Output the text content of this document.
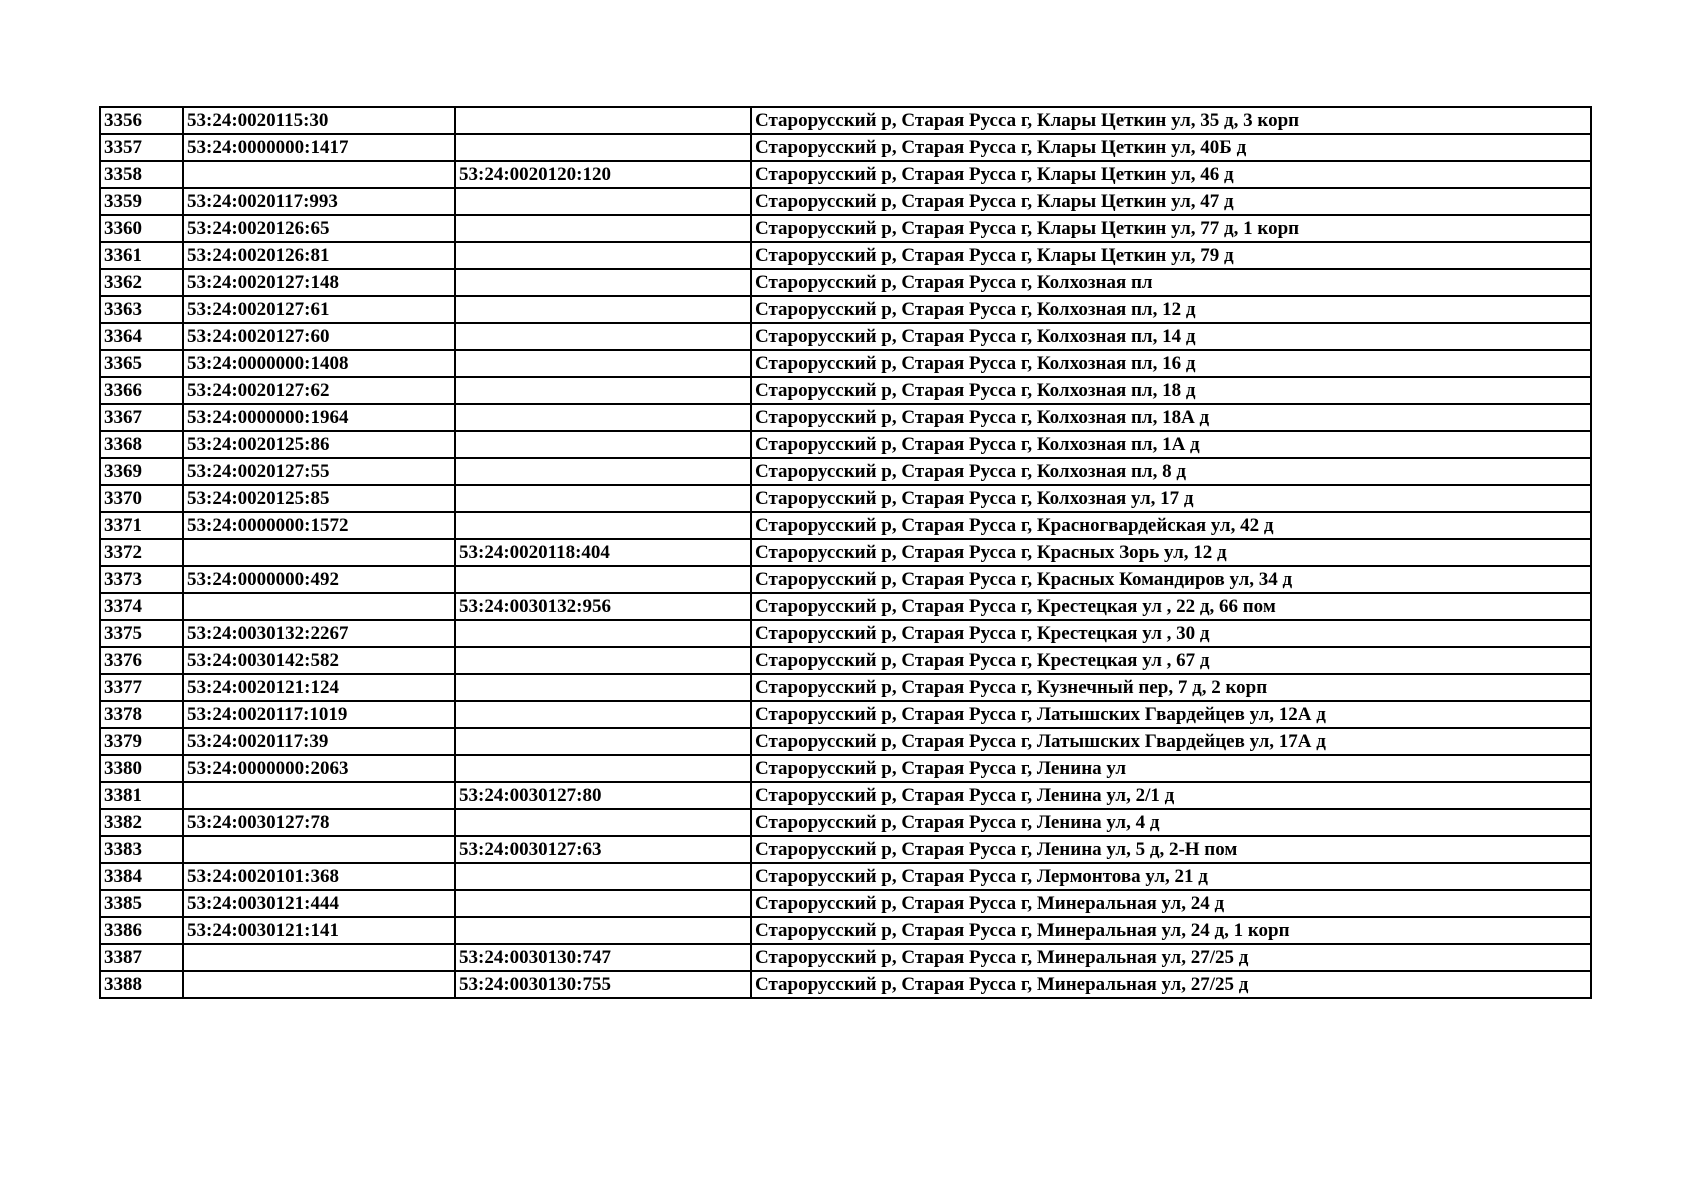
3356	53:24:0020115:30		Старорусский р, Старая Русса г, Клары Цеткин ул, 35 д, 3 корп
3357	53:24:0000000:1417		Старорусский р, Старая Русса г, Клары Цеткин ул, 40Б д
3358		53:24:0020120:120	Старорусский р, Старая Русса г, Клары Цеткин ул, 46 д
3359	53:24:0020117:993		Старорусский р, Старая Русса г, Клары Цеткин ул, 47 д
3360	53:24:0020126:65		Старорусский р, Старая Русса г, Клары Цеткин ул, 77 д, 1 корп
3361	53:24:0020126:81		Старорусский р, Старая Русса г, Клары Цеткин ул, 79 д
3362	53:24:0020127:148		Старорусский р, Старая Русса г, Колхозная пл
3363	53:24:0020127:61		Старорусский р, Старая Русса г, Колхозная пл, 12 д
3364	53:24:0020127:60		Старорусский р, Старая Русса г, Колхозная пл, 14 д
3365	53:24:0000000:1408		Старорусский р, Старая Русса г, Колхозная пл, 16 д
3366	53:24:0020127:62		Старорусский р, Старая Русса г, Колхозная пл, 18 д
3367	53:24:0000000:1964		Старорусский р, Старая Русса г, Колхозная пл, 18А д
3368	53:24:0020125:86		Старорусский р, Старая Русса г, Колхозная пл, 1А д
3369	53:24:0020127:55		Старорусский р, Старая Русса г, Колхозная пл, 8 д
3370	53:24:0020125:85		Старорусский р, Старая Русса г, Колхозная ул, 17 д
3371	53:24:0000000:1572		Старорусский р, Старая Русса г, Красногвардейская ул, 42 д
3372		53:24:0020118:404	Старорусский р, Старая Русса г, Красных Зорь ул, 12 д
3373	53:24:0000000:492		Старорусский р, Старая Русса г, Красных Командиров ул, 34 д
3374		53:24:0030132:956	Старорусский р, Старая Русса г, Крестецкая ул , 22 д, 66 пом
3375	53:24:0030132:2267		Старорусский р, Старая Русса г, Крестецкая ул , 30 д
3376	53:24:0030142:582		Старорусский р, Старая Русса г, Крестецкая ул , 67 д
3377	53:24:0020121:124		Старорусский р, Старая Русса г, Кузнечный пер, 7 д, 2 корп
3378	53:24:0020117:1019		Старорусский р, Старая Русса г, Латышских Гвардейцев ул, 12А д
3379	53:24:0020117:39		Старорусский р, Старая Русса г, Латышских Гвардейцев ул, 17А д
3380	53:24:0000000:2063		Старорусский р, Старая Русса г, Ленина ул
3381		53:24:0030127:80	Старорусский р, Старая Русса г, Ленина ул, 2/1 д
3382	53:24:0030127:78		Старорусский р, Старая Русса г, Ленина ул, 4 д
3383		53:24:0030127:63	Старорусский р, Старая Русса г, Ленина ул, 5 д, 2-Н пом
3384	53:24:0020101:368		Старорусский р, Старая Русса г, Лермонтова ул, 21 д
3385	53:24:0030121:444		Старорусский р, Старая Русса г, Минеральная ул, 24 д
3386	53:24:0030121:141		Старорусский р, Старая Русса г, Минеральная ул, 24 д, 1 корп
3387		53:24:0030130:747	Старорусский р, Старая Русса г, Минеральная ул, 27/25 д
3388		53:24:0030130:755	Старорусский р, Старая Русса г, Минеральная ул, 27/25 д
